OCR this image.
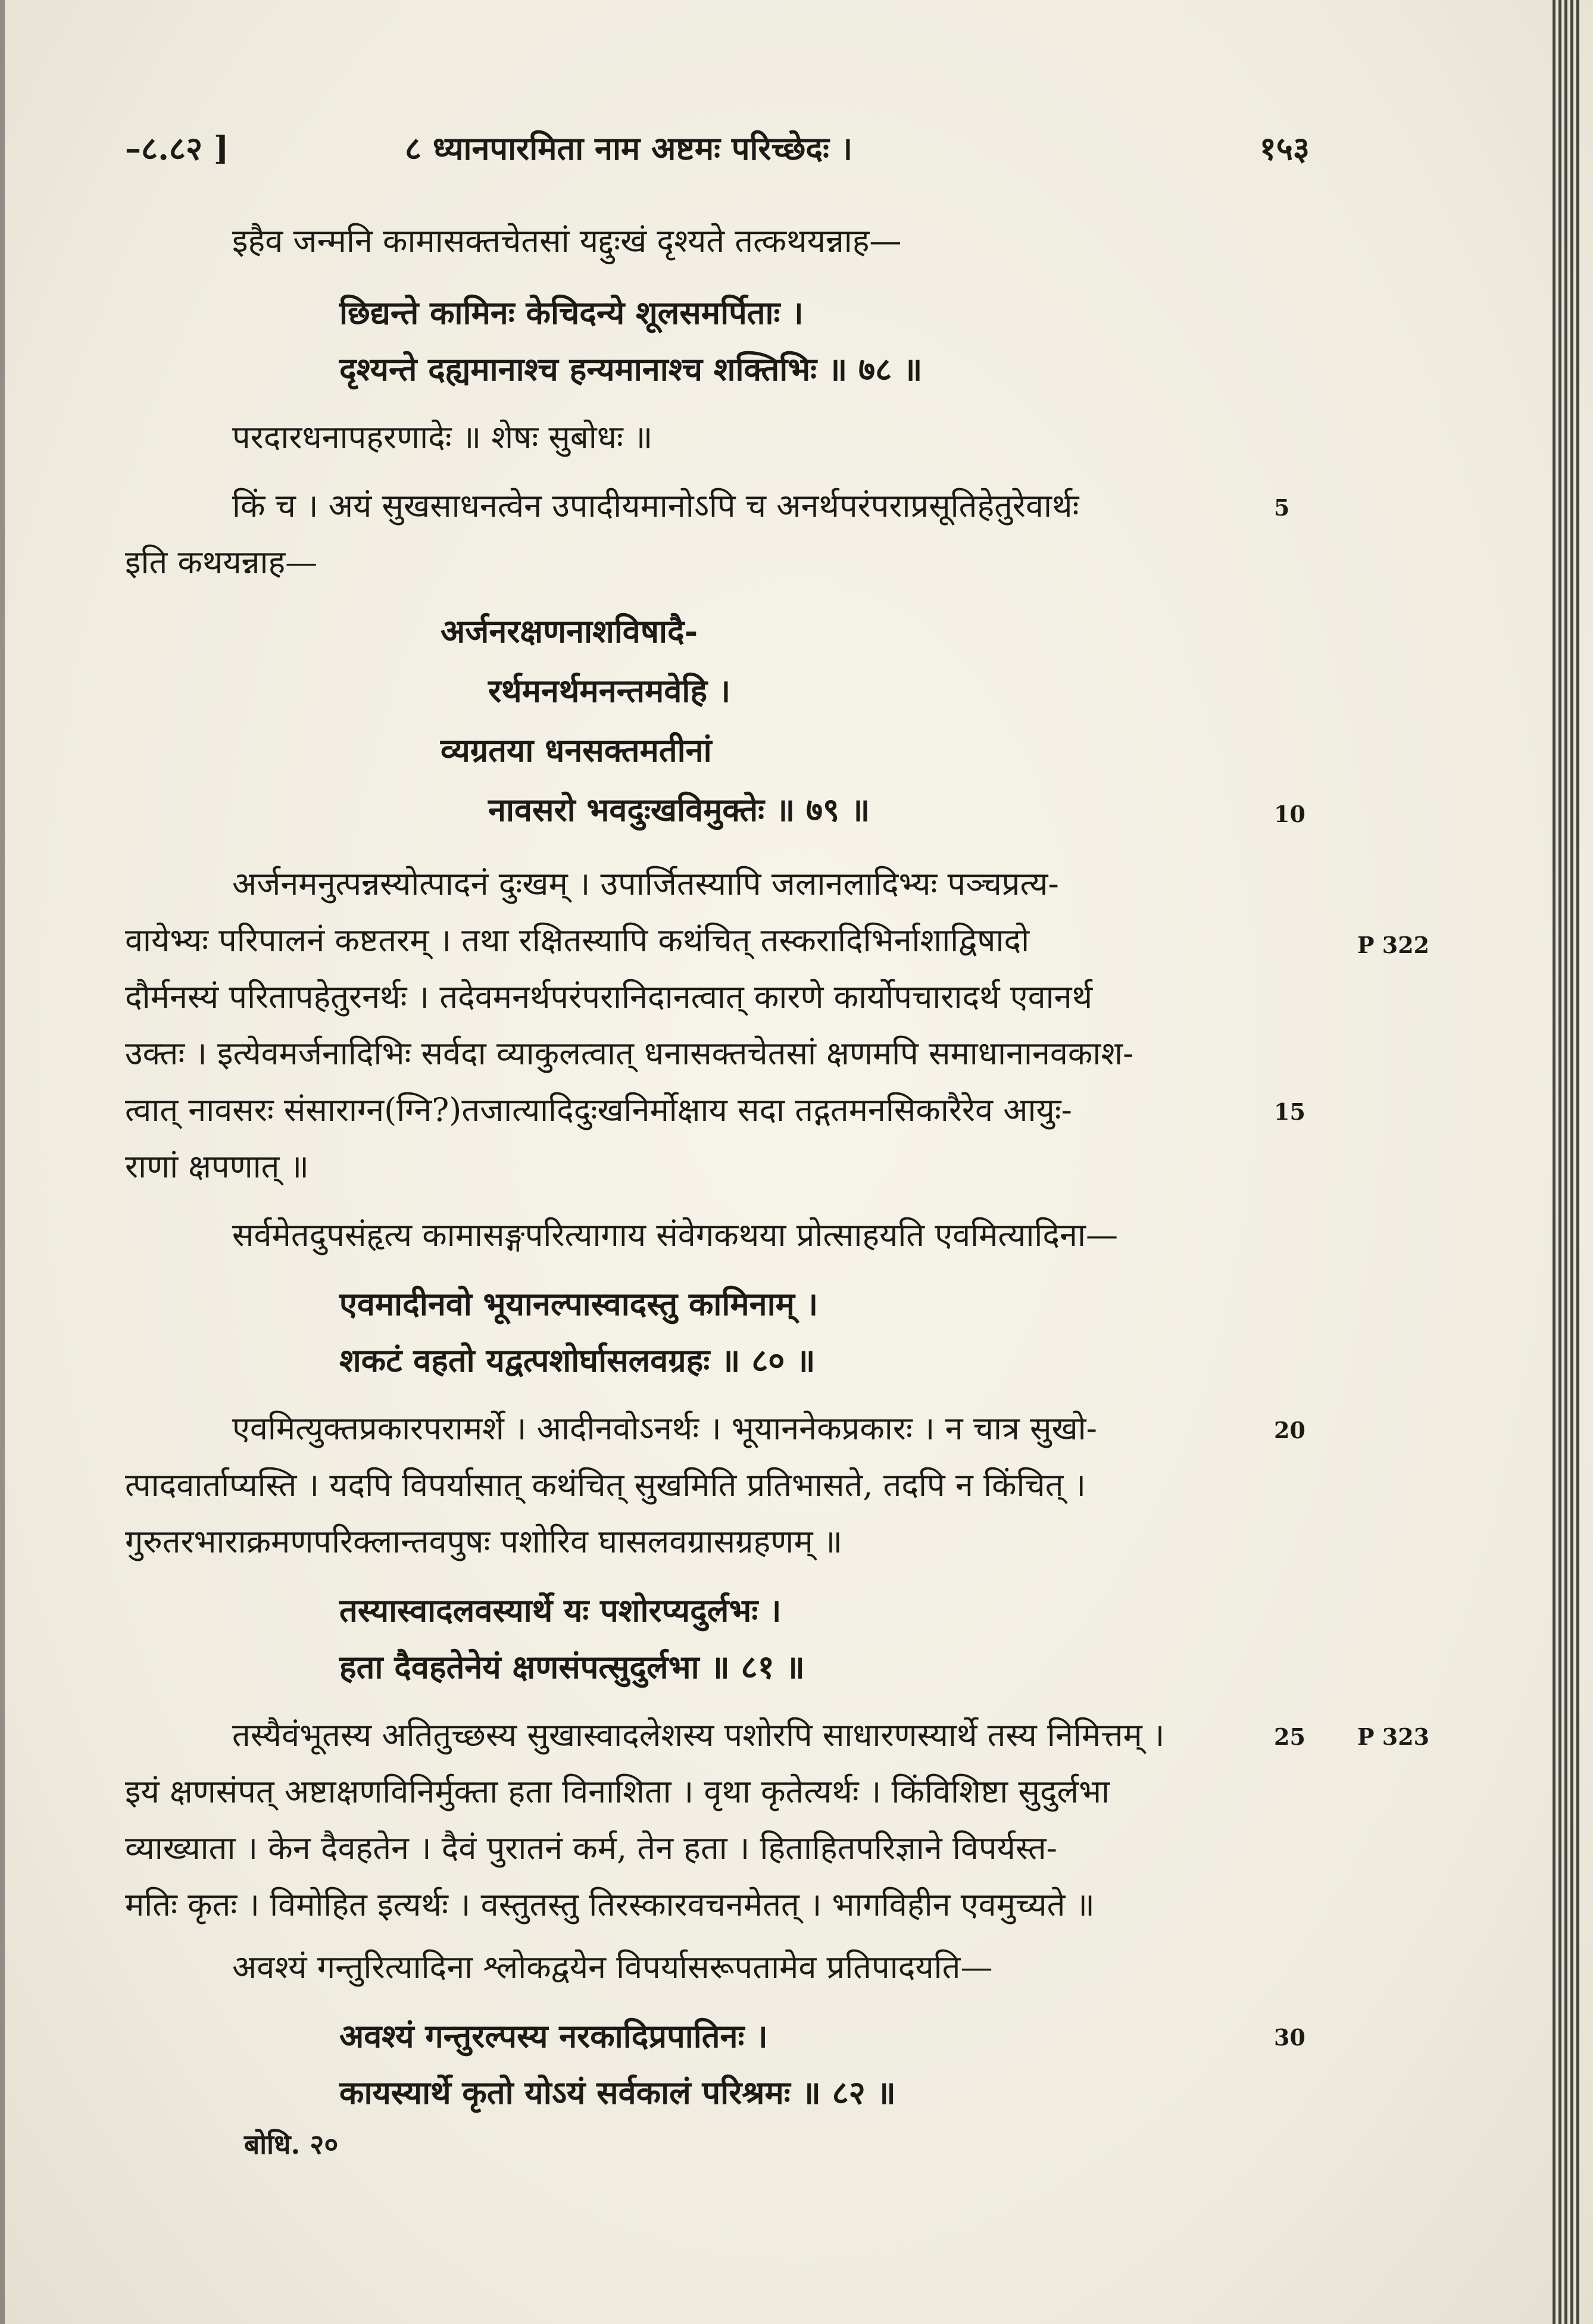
–८.८२ ]	८ ध्यानपारमिता नाम अष्टमः परिच्छेदः ।	१५३
इहैव जन्मनि कामासक्तचेतसां यद्दुःखं दृश्यते तत्कथयन्नाह—
छिद्यन्ते कामिनः केचिदन्ये शूलसमर्पिताः ।
दृश्यन्ते दह्यमानाश्च हन्यमानाश्च शक्तिभिः ॥ ७८ ॥
परदारधनापहरणादेः ॥ शेषः सुबोधः ॥
किं च । अयं सुखसाधनत्वेन उपादीयमानोऽपि च अनर्थपरंपराप्रसूतिहेतुरेवार्थः
इति कथयन्नाह—
अर्जनरक्षणनाशविषादै-
रर्थमनर्थमनन्तमवेहि ।
व्यग्रतया धनसक्तमतीनां
नावसरो भवदुःखविमुक्तेः ॥ ७९ ॥
अर्जनमनुत्पन्नस्योत्पादनं दुःखम् । उपार्जितस्यापि जलानलादिभ्यः पञ्चप्रत्य-
वायेभ्यः परिपालनं कष्टतरम् । तथा रक्षितस्यापि कथंचित् तस्करादिभिर्नाशाद्विषादो
दौर्मनस्यं परितापहेतुरनर्थः । तदेवमनर्थपरंपरानिदानत्वात् कारणे कार्योपचारादर्थ एवानर्थ
उक्तः । इत्येवमर्जनादिभिः सर्वदा व्याकुलत्वात् धनासक्तचेतसां क्षणमपि समाधानानवकाश-
त्वात् नावसरः संसाराग्न(ग्नि?)तजात्यादिदुःखनिर्मोक्षाय सदा तद्गतमनसिकारैरेव आयुः-
राणां क्षपणात् ॥
सर्वमेतदुपसंहृत्य कामासङ्गपरित्यागाय संवेगकथया प्रोत्साहयति एवमित्यादिना—
एवमादीनवो भूयानल्पास्वादस्तु कामिनाम् ।
शकटं वहतो यद्वत्पशोर्घासलवग्रहः ॥ ८० ॥
एवमित्युक्तप्रकारपरामर्शे । आदीनवोऽनर्थः । भूयाननेकप्रकारः । न चात्र सुखो-
त्पादवार्ताप्यस्ति । यदपि विपर्यासात् कथंचित् सुखमिति प्रतिभासते, तदपि न किंचित् ।
गुरुतरभाराक्रमणपरिक्लान्तवपुषः पशोरिव घासलवग्रासग्रहणम् ॥
तस्यास्वादलवस्यार्थे यः पशोरप्यदुर्लभः ।
हता दैवहतेनेयं क्षणसंपत्सुदुर्लभा ॥ ८१ ॥
तस्यैवंभूतस्य अतितुच्छस्य सुखास्वादलेशस्य पशोरपि साधारणस्यार्थे तस्य निमित्तम् ।
इयं क्षणसंपत् अष्टाक्षणविनिर्मुक्ता हता विनाशिता । वृथा कृतेत्यर्थः । किंविशिष्टा सुदुर्लभा
व्याख्याता । केन दैवहतेन । दैवं पुरातनं कर्म, तेन हता । हिताहितपरिज्ञाने विपर्यस्त-
मतिः कृतः । विमोहित इत्यर्थः । वस्तुतस्तु तिरस्कारवचनमेतत् । भागविहीन एवमुच्यते ॥
अवश्यं गन्तुरित्यादिना श्लोकद्वयेन विपर्यासरूपतामेव प्रतिपादयति—
अवश्यं गन्तुरल्पस्य नरकादिप्रपातिनः ।
कायस्यार्थे कृतो योऽयं सर्वकालं परिश्रमः ॥ ८२ ॥
5
10
15
20
25
30
P 322
P 323
बोधि. २०
